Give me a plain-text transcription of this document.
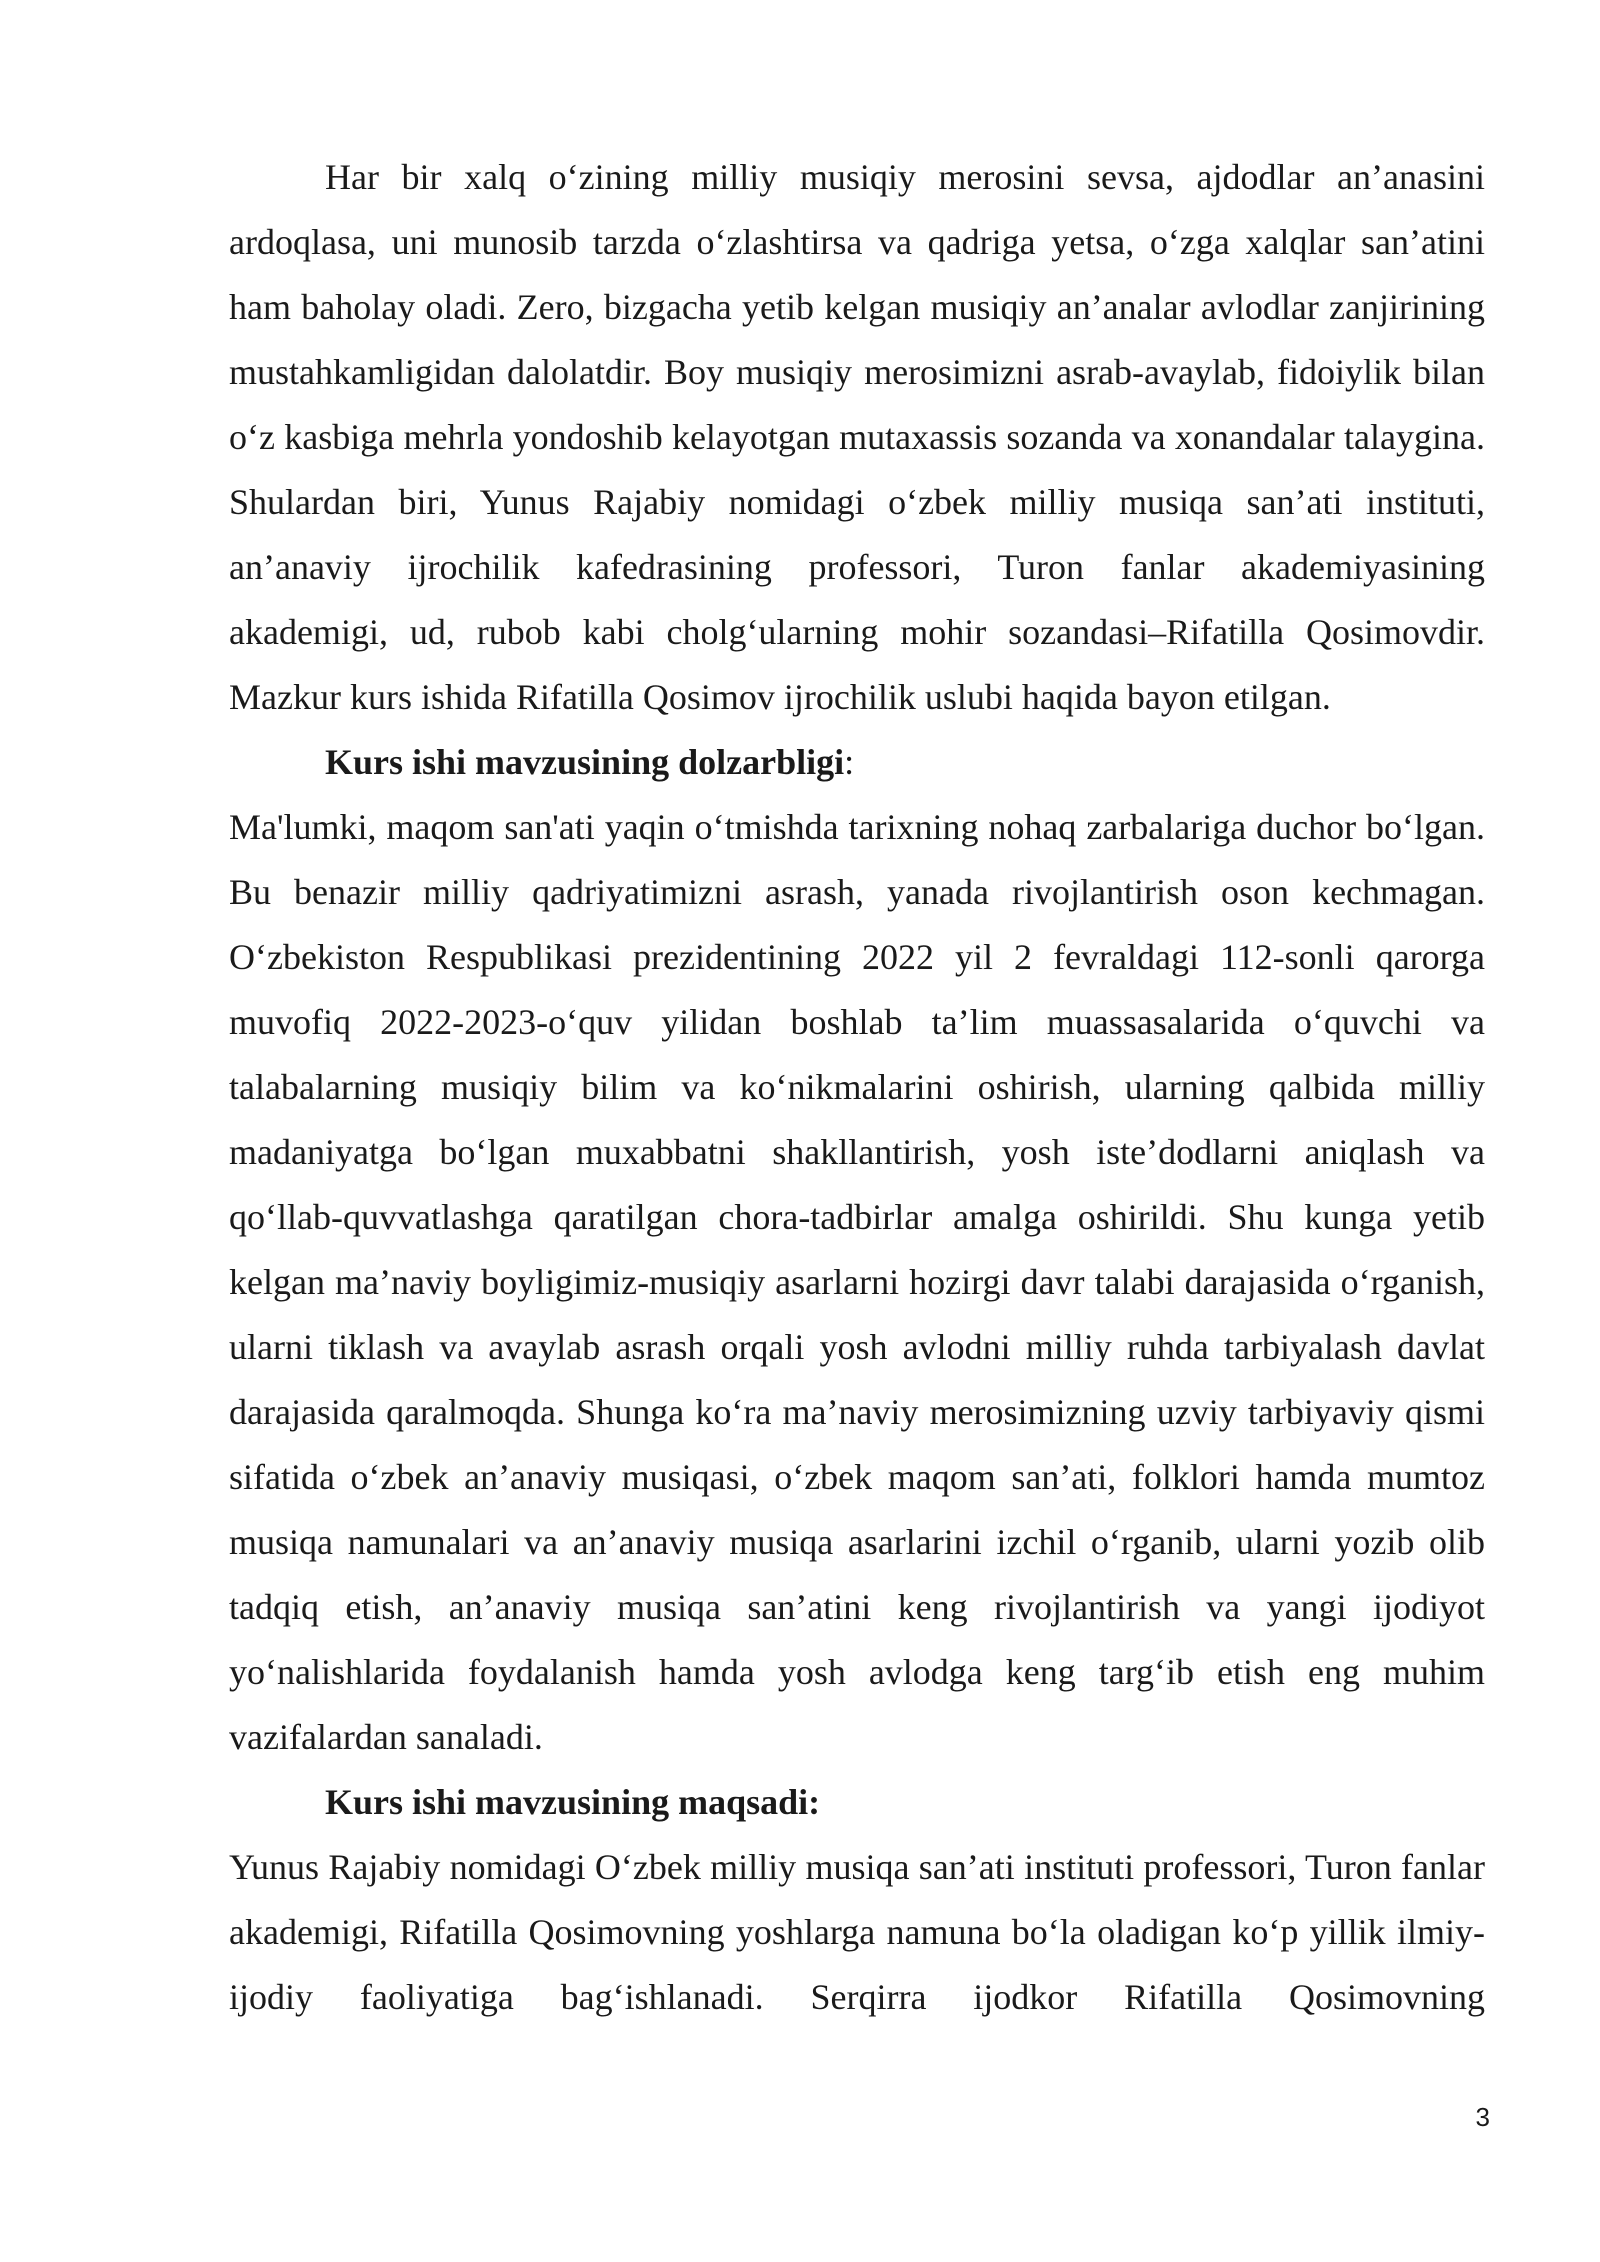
Har bir xalq o‘zining milliy musiqiy merosini sevsa, ajdodlar an’anasini ardoqlasa, uni munosib tarzda o‘zlashtirsa va qadriga yetsa, o‘zga xalqlar san’atini ham baholay oladi. Zero, bizgacha yetib kelgan musiqiy an’analar avlodlar zanjirining mustahkamligidan dalolatdir. Boy musiqiy merosimizni asrab-avaylab, fidoiylik bilan o‘z kasbiga mehrla yondoshib kelayotgan mutaxassis sozanda va xonandalar talaygina. Shulardan biri, Yunus Rajabiy nomidagi o‘zbek milliy musiqa san’ati instituti, an’anaviy ijrochilik kafedrasining professori, Turon fanlar akademiyasining akademigi, ud, rubob kabi cholg‘ularning mohir sozandasi–Rifatilla Qosimovdir. Mazkur kurs ishida Rifatilla Qosimov ijrochilik uslubi haqida bayon etilgan.

Kurs ishi mavzusining dolzarbligi:

Ma'lumki, maqom san'ati yaqin o‘tmishda tarixning nohaq zarbalariga duchor bo‘lgan. Bu benazir milliy qadriyatimizni asrash, yanada rivojlantirish oson kechmagan. O‘zbekiston Respublikasi prezidentining 2022 yil 2 fevraldagi 112-sonli qarorga muvofiq 2022-2023-o‘quv yilidan boshlab ta’lim muassasalarida o‘quvchi va talabalarning musiqiy bilim va ko‘nikmalarini oshirish, ularning qalbida milliy madaniyatga bo‘lgan muxabbatni shakllantirish, yosh iste’dodlarni aniqlash va qo‘llab-quvvatlashga qaratilgan chora-tadbirlar amalga oshirildi. Shu kunga yetib kelgan ma’naviy boyligimiz-musiqiy asarlarni hozirgi davr talabi darajasida o‘rganish, ularni tiklash va avaylab asrash orqali yosh avlodni milliy ruhda tarbiyalash davlat darajasida qaralmoqda. Shunga ko‘ra ma’naviy merosimizning uzviy tarbiyaviy qismi sifatida o‘zbek an’anaviy musiqasi, o‘zbek maqom san’ati, folklori hamda mumtoz musiqa namunalari va an’anaviy musiqa asarlarini izchil o‘rganib, ularni yozib olib tadqiq etish, an’anaviy musiqa san’atini keng rivojlantirish va yangi ijodiyot yo‘nalishlarida foydalanish hamda yosh avlodga keng targ‘ib etish eng muhim vazifalardan sanaladi.

Kurs ishi mavzusining maqsadi:

Yunus Rajabiy nomidagi O‘zbek milliy musiqa san’ati instituti professori, Turon fanlar akademigi, Rifatilla Qosimovning yoshlarga namuna bo‘la oladigan ko‘p yillik ilmiy-ijodiy faoliyatiga bag‘ishlanadi. Serqirra ijodkor Rifatilla Qosimovning

3
